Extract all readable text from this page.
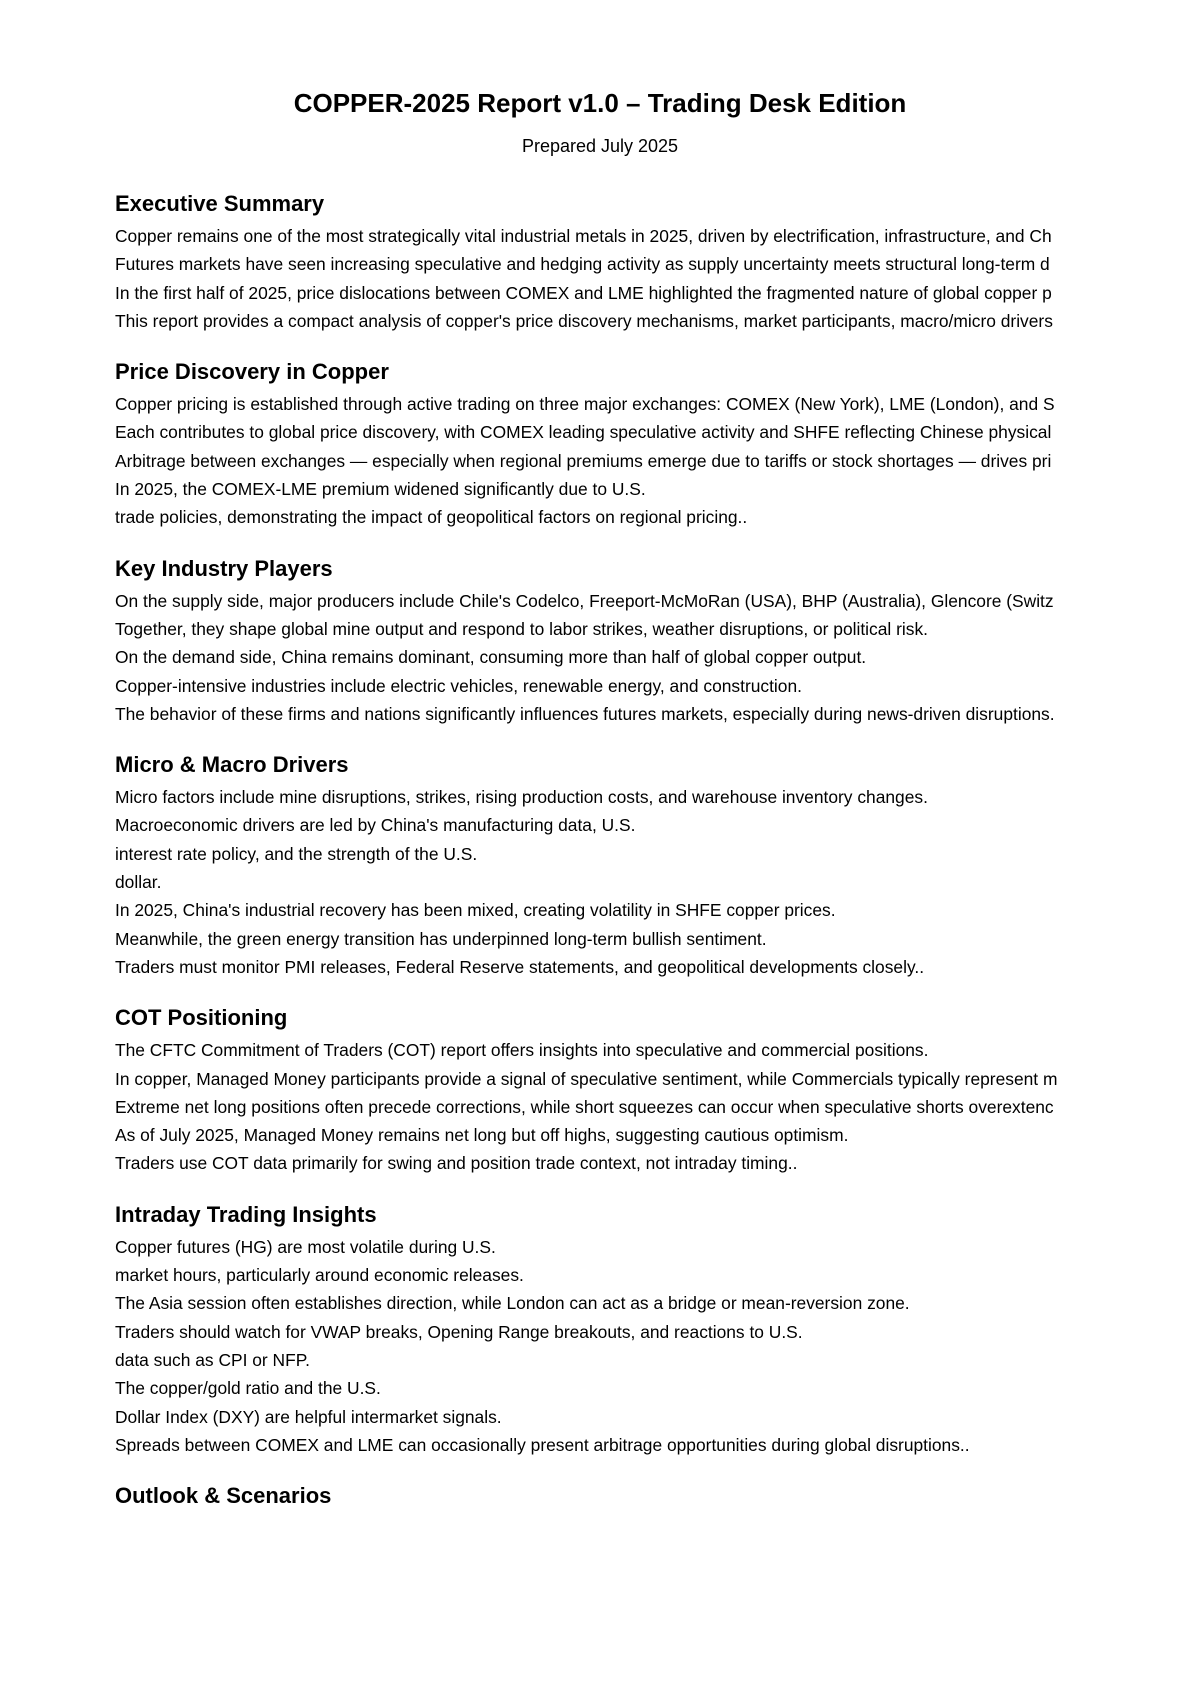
COPPER-2025 Report v1.0 – Trading Desk Edition
Prepared July 2025
Executive Summary
Copper remains one of the most strategically vital industrial metals in 2025, driven by electrification, infrastructure, and Ch
Futures markets have seen increasing speculative and hedging activity as supply uncertainty meets structural long-term d
In the first half of 2025, price dislocations between COMEX and LME highlighted the fragmented nature of global copper p
This report provides a compact analysis of copper's price discovery mechanisms, market participants, macro/micro drivers
Price Discovery in Copper
Copper pricing is established through active trading on three major exchanges: COMEX (New York), LME (London), and S
Each contributes to global price discovery, with COMEX leading speculative activity and SHFE reflecting Chinese physical
Arbitrage between exchanges — especially when regional premiums emerge due to tariffs or stock shortages — drives pri
In 2025, the COMEX-LME premium widened significantly due to U.S.
trade policies, demonstrating the impact of geopolitical factors on regional pricing..
Key Industry Players
On the supply side, major producers include Chile's Codelco, Freeport-McMoRan (USA), BHP (Australia), Glencore (Switz
Together, they shape global mine output and respond to labor strikes, weather disruptions, or political risk.
On the demand side, China remains dominant, consuming more than half of global copper output.
Copper-intensive industries include electric vehicles, renewable energy, and construction.
The behavior of these firms and nations significantly influences futures markets, especially during news-driven disruptions.
Micro & Macro Drivers
Micro factors include mine disruptions, strikes, rising production costs, and warehouse inventory changes.
Macroeconomic drivers are led by China's manufacturing data, U.S.
interest rate policy, and the strength of the U.S.
dollar.
In 2025, China's industrial recovery has been mixed, creating volatility in SHFE copper prices.
Meanwhile, the green energy transition has underpinned long-term bullish sentiment.
Traders must monitor PMI releases, Federal Reserve statements, and geopolitical developments closely..
COT Positioning
The CFTC Commitment of Traders (COT) report offers insights into speculative and commercial positions.
In copper, Managed Money participants provide a signal of speculative sentiment, while Commercials typically represent m
Extreme net long positions often precede corrections, while short squeezes can occur when speculative shorts overextenc
As of July 2025, Managed Money remains net long but off highs, suggesting cautious optimism.
Traders use COT data primarily for swing and position trade context, not intraday timing..
Intraday Trading Insights
Copper futures (HG) are most volatile during U.S.
market hours, particularly around economic releases.
The Asia session often establishes direction, while London can act as a bridge or mean-reversion zone.
Traders should watch for VWAP breaks, Opening Range breakouts, and reactions to U.S.
data such as CPI or NFP.
The copper/gold ratio and the U.S.
Dollar Index (DXY) are helpful intermarket signals.
Spreads between COMEX and LME can occasionally present arbitrage opportunities during global disruptions..
Outlook & Scenarios
